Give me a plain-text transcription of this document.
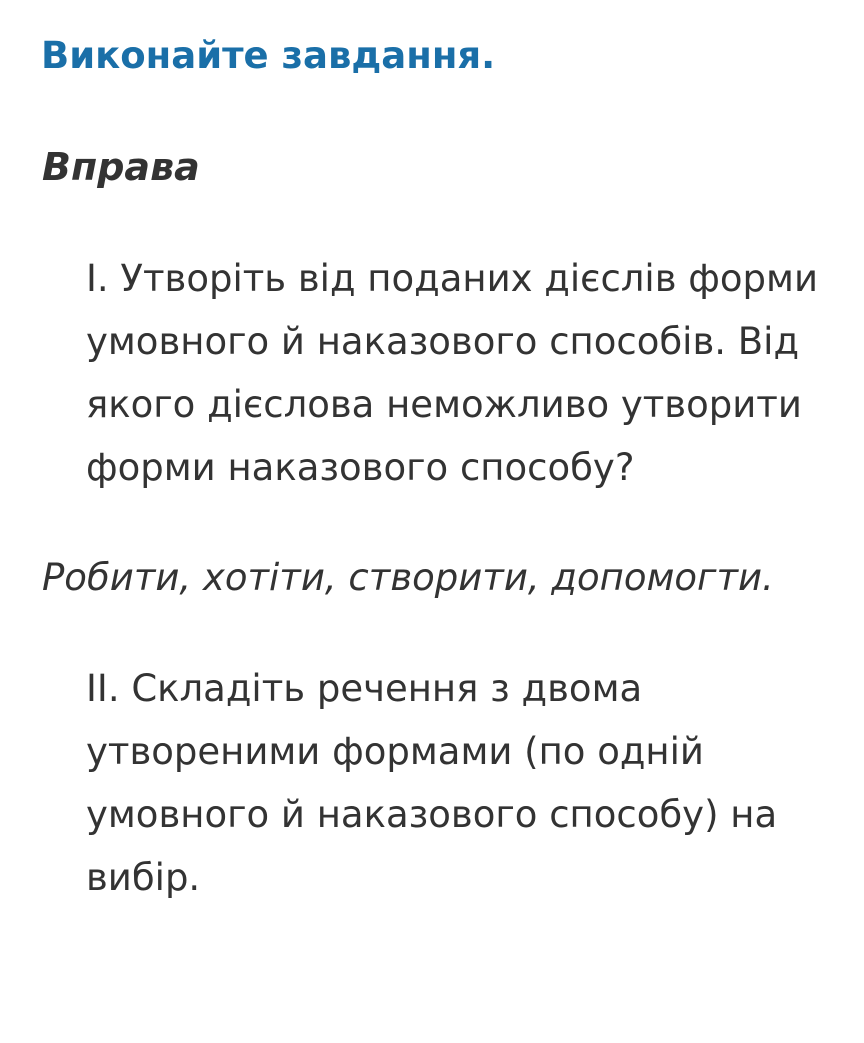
Виконайте завдання.
Вправа

І. Утворіть від поданих дієслів форми
умовного й наказового способів. Від
якого дієслова неможливо утворити
форми наказового способу?

Робити, хотіти, створити, допомогти.

ІІ. Складіть речення з двома
утвореними формами (по одній
умовного й наказового способу) на
вибір.
